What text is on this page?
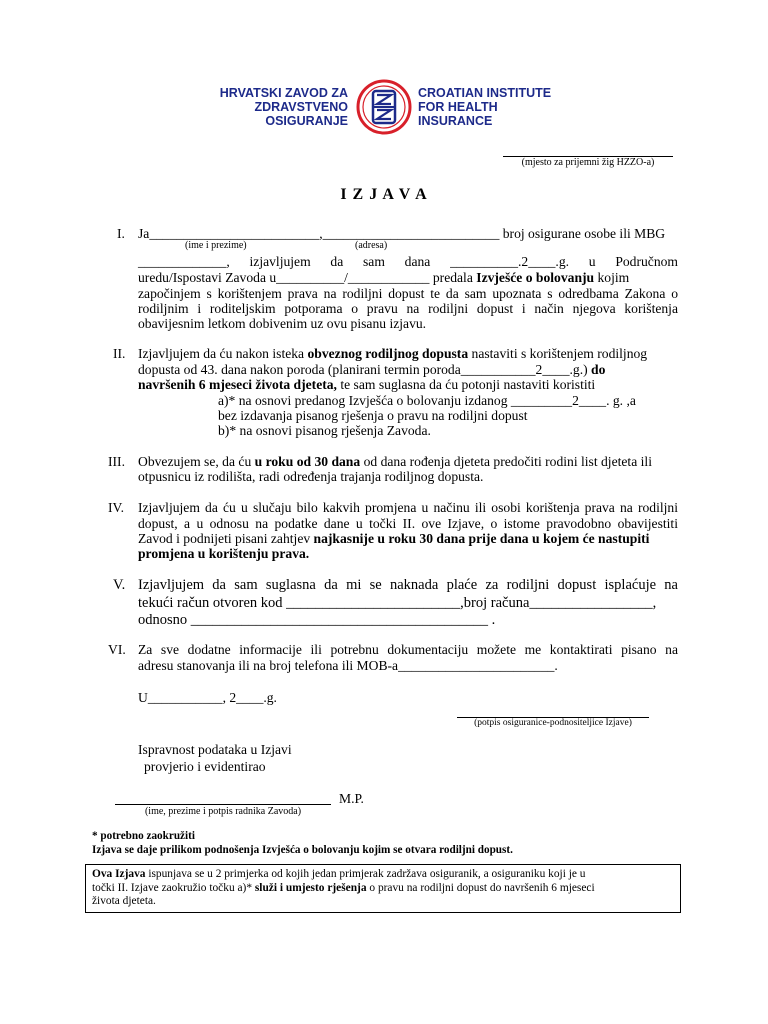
HRVATSKI ZAVOD ZA
ZDRAVSTVENO
OSIGURANJE
CROATIAN INSTITUTE
FOR HEALTH
INSURANCE
(mjesto za prijemni žig HZZO-a)
I Z J A V A
I. Ja_________________________,__________________________ broj osigurane osobe ili MBG
(ime i prezime)	(adresa)
_____________, izjavljujem da sam dana __________.2____.g. u Područnom
uredu/Ispostavi Zavoda u__________/____________ predala Izvješće o bolovanju kojim
započinjem s korištenjem prava na rodiljni dopust te da sam upoznata s odredbama Zakona o
rodiljnim i roditeljskim potporama o pravu na rodiljni dopust i način njegova korištenja
obavijesnim letkom dobivenim uz ovu pisanu izjavu.
II. Izjavljujem da ću nakon isteka obveznog rodiljnog dopusta nastaviti s korištenjem rodiljnog
dopusta od 43. dana nakon poroda (planirani termin poroda___________2____.g.) do
navršenih 6 mjeseci života djeteta, te sam suglasna da ću potonji nastaviti koristiti
a)* na osnovi predanog Izvješća o bolovanju izdanog _________2____. g. ,a
bez izdavanja pisanog rješenja o pravu na rodiljni dopust
b)* na osnovi pisanog rješenja Zavoda.
III. Obvezujem se, da ću u roku od 30 dana od dana rođenja djeteta predočiti rodini list djeteta ili
otpusnicu iz rodilišta, radi određenja trajanja rodiljnog dopusta.
IV. Izjavljujem da ću u slučaju bilo kakvih promjena u načinu ili osobi korištenja prava na rodiljni
dopust, a u odnosu na podatke dane u točki II. ove Izjave, o istome pravodobno obavijestiti
Zavod i podnijeti pisani zahtjev najkasnije u roku 30 dana prije dana u kojem će nastupiti
promjena u korištenju prava.
V. Izjavljujem da sam suglasna da mi se naknada plaće za rodiljni dopust isplaćuje na
tekući račun otvoren kod ________________________,broj računa_________________,
odnosno _________________________________________ .
VI. Za sve dodatne informacije ili potrebnu dokumentaciju možete me kontaktirati pisano na
adresu stanovanja ili na broj telefona ili MOB-a_______________________.
U___________, 2____.g.
(potpis osiguranice-podnositeljice Izjave)
Ispravnost podataka u Izjavi
provjerio i evidentirao
M.P.
(ime, prezime i potpis radnika Zavoda)
* potrebno zaokružiti
Izjava se daje prilikom podnošenja Izvješća o bolovanju kojim se otvara rodiljni dopust.
Ova Izjava ispunjava se u 2 primjerka od kojih jedan primjerak zadržava osiguranik, a osiguraniku koji je u
točki II. Izjave zaokružio točku a)* služi i umjesto rješenja o pravu na rodiljni dopust do navršenih 6 mjeseci
života djeteta.
